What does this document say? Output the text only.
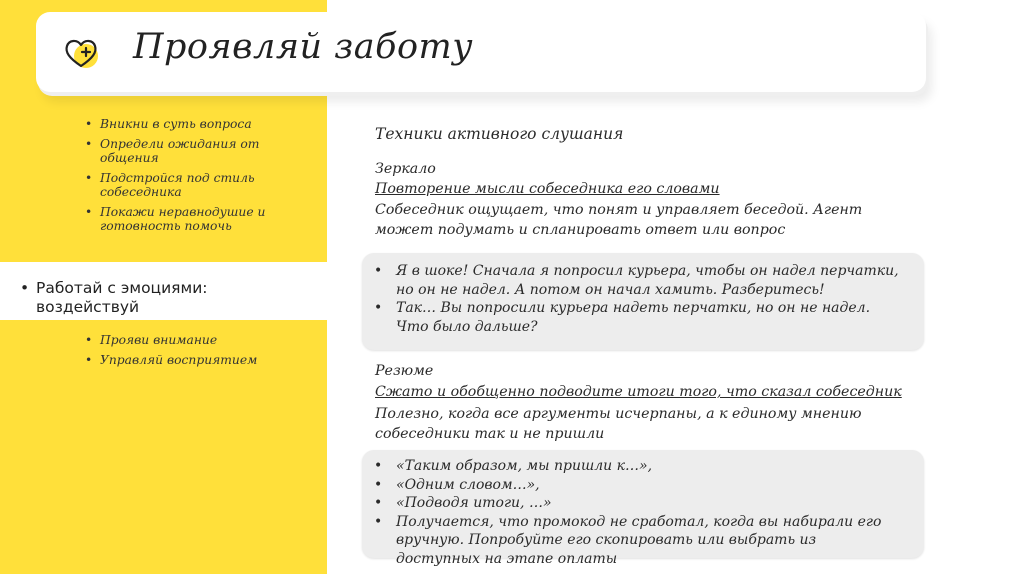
Проявляй заботу
• Вникни в суть вопроса
• Определи ожидания от общения
• Подстройся под стиль собеседника
• Покажи неравнодушие и готовность помочь
• Работай с эмоциями: воздействуй
• Прояви внимание
• Управляй восприятием
Техники активного слушания
Зеркало
Повторение мысли собеседника его словами
Собеседник ощущает, что понят и управляет беседой. Агент может подумать и спланировать ответ или вопрос
• Я в шоке! Сначала я попросил курьера, чтобы он надел перчатки, но он не надел. А потом он начал хамить. Разберитесь!
• Так… Вы попросили курьера надеть перчатки, но он не надел. Что было дальше?
Резюме
Сжато и обобщенно подводите итоги того, что сказал собеседник
Полезно, когда все аргументы исчерпаны, а к единому мнению собеседники так и не пришли
• «Таким образом, мы пришли к…»,
• «Одним словом…»,
• «Подводя итоги, …»
• Получается, что промокод не сработал, когда вы набирали его вручную. Попробуйте его скопировать или выбрать из доступных на этапе оплаты
